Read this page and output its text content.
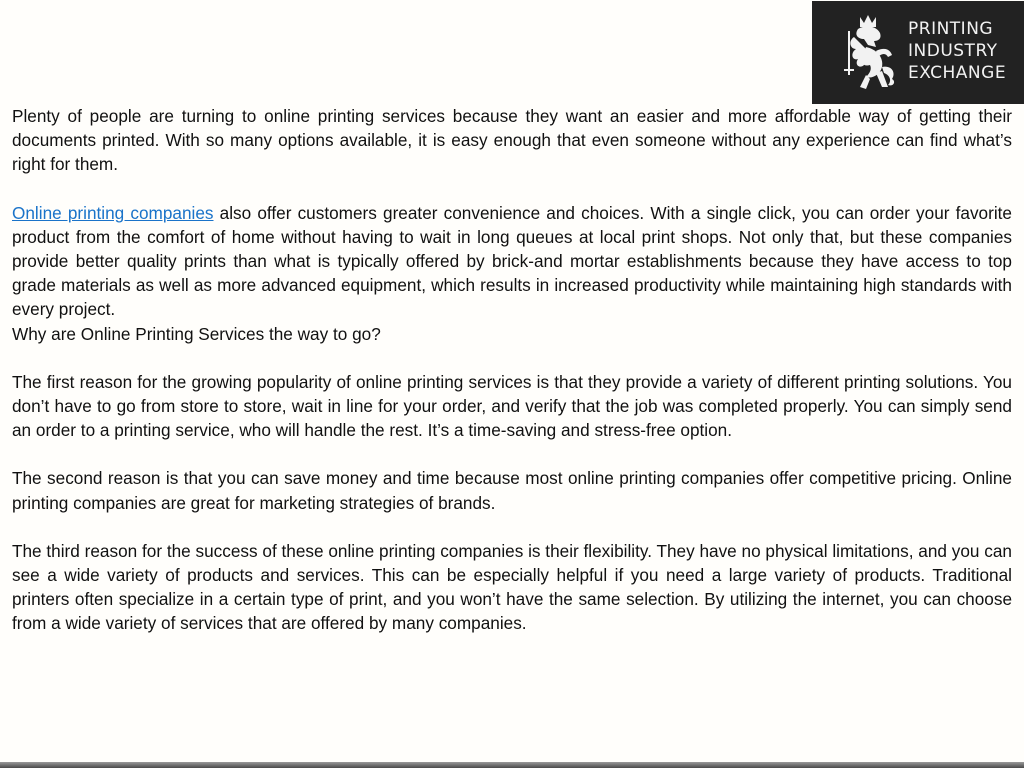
PRINTING
INDUSTRY
EXCHANGE

Plenty of people are turning to online printing services because they want an easier and more affordable way of getting their documents printed. With so many options available, it is easy enough that even someone without any experience can find what’s right for them.

Online printing companies also offer customers greater convenience and choices. With a single click, you can order your favorite product from the comfort of home without having to wait in long queues at local print shops. Not only that, but these companies provide better quality prints than what is typically offered by brick-and mortar establishments because they have access to top grade materials as well as more advanced equipment, which results in increased productivity while maintaining high standards with every project.

Why are Online Printing Services the way to go?

The first reason for the growing popularity of online printing services is that they provide a variety of different printing solutions. You don’t have to go from store to store, wait in line for your order, and verify that the job was completed properly. You can simply send an order to a printing service, who will handle the rest. It’s a time-saving and stress-free option.

The second reason is that you can save money and time because most online printing companies offer competitive pricing. Online printing companies are great for marketing strategies of brands.

The third reason for the success of these online printing companies is their flexibility. They have no physical limitations, and you can see a wide variety of products and services. This can be especially helpful if you need a large variety of products. Traditional printers often specialize in a certain type of print, and you won’t have the same selection. By utilizing the internet, you can choose from a wide variety of services that are offered by many companies.
